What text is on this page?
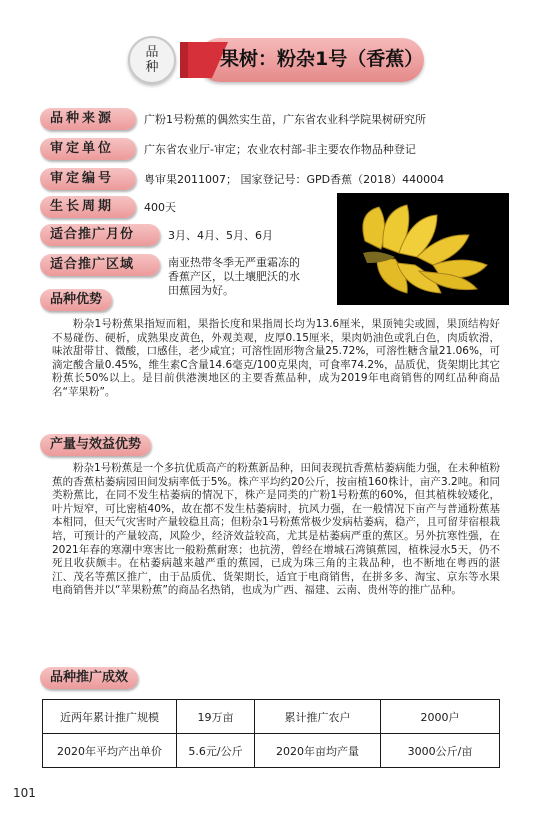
品
种	果树：粉杂1号（香蕉）
品种来源	广粉1号粉蕉的偶然实生苗，广东省农业科学院果树研究所
审定单位	广东省农业厅-审定；农业农村部-非主要农作物品种登记
审定编号	粤审果2011007； 国家登记号：GPD香蕉（2018）440004
生长周期	400天
适合推广月份	3月、4月、5月、6月
适合推广区域	南亚热带冬季无严重霜冻的香蕉产区，以土壤肥沃的水田蕉园为好。
品种优势

粉杂1号粉蕉果指短而粗，果指长度和果指周长均为13.6厘米，果顶钝尖或圆，果顶结构好不易碰伤、硬析，成熟果皮黄色，外观美观，皮厚0.15厘米，果肉奶油色或乳白色，肉质软滑，味浓甜带甘、微酸，口感佳，老少咸宜；可溶性固形物含量25.72%，可溶性糖含量21.06%，可滴定酸含量0.45%，维生素C含量14.6毫克/100克果肉，可食率74.2%，品质优，货架期比其它粉蕉长50%以上。是目前供港澳地区的主要香蕉品种，成为2019年电商销售的网红品种商品名“苹果粉”。

产量与效益优势

粉杂1号粉蕉是一个多抗优质高产的粉蕉新品种，田间表现抗香蕉枯萎病能力强，在未种植粉蕉的香蕉枯萎病园田间发病率低于5%。株产平均约20公斤，按亩植160株计，亩产3.2吨。和同类粉蕉比，在同不发生枯萎病的情况下，株产是同类的广粉1号粉蕉的60%，但其植株较矮化，叶片短窄，可比密植40%，故在都不发生枯萎病时，抗风力强，在一般情况下亩产与普通粉蕉基本相同，但天气灾害时产量较稳且高；但粉杂1号粉蕉常极少发病枯萎病，稳产，且可留芽宿根栽培，可预计的产量较高，风险少，经济效益较高，尤其是枯萎病严重的蕉区。另外抗寒性强，在2021年春的寒潮中寒害比一般粉蕉耐寒；也抗涝，曾经在增城石湾镇蕉园，植株浸水5天，仍不死且收获颇丰。在枯萎病越来越严重的蕉园，已成为珠三角的主栽品种，也不断地在粤西的湛江、茂名等蕉区推广，由于品质优、货架期长，适宜于电商销售，在拼多多、淘宝、京东等水果电商销售并以“苹果粉蕉”的商品名热销，也成为广西、福建、云南、贵州等的推广品种。

品种推广成效
近两年累计推广规模	19万亩	累计推广农户	2000户
2020年平均产出单价	5.6元/公斤	2020年亩均产量	3000公斤/亩
101
